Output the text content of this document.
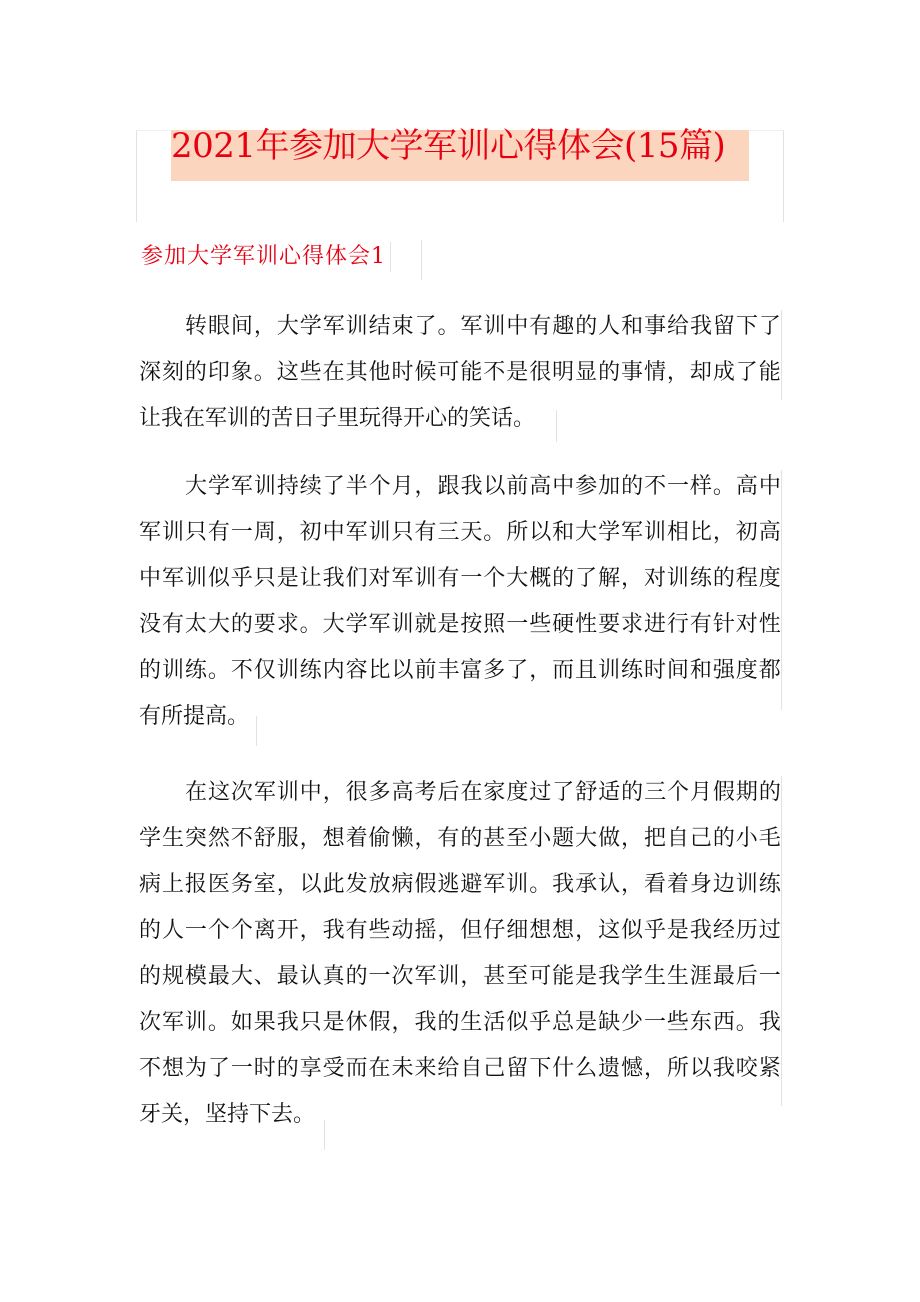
2021年参加大学军训心得体会(15篇)
参加大学军训心得体会1
转 眼 间 ， 大 学 军 训 结 束 了 。 军 训 中 有 趣 的 人 和 事 给 我 留 下 了
深 刻 的 印 象 。 这 些 在 其 他 时 候 可 能 不 是 很 明 显 的 事 情 ， 却 成 了 能
让我在军训的苦日子里玩得开心的笑话。
大 学 军 训 持 续 了 半 个 月 ， 跟 我 以 前 高 中 参 加 的 不 一 样 。 高 中
军 训 只 有 一 周 ， 初 中 军 训 只 有 三 天 。 所 以 和 大 学 军 训 相 比 ， 初 高
中 军 训 似 乎 只 是 让 我 们 对 军 训 有 一 个 大 概 的 了 解 ， 对 训 练 的 程 度
没 有 太 大 的 要 求 。 大 学 军 训 就 是 按 照 一 些 硬 性 要 求 进 行 有 针 对 性
的 训 练 。 不 仅 训 练 内 容 比 以 前 丰 富 多 了 ， 而 且 训 练 时 间 和 强 度 都
有所提高。
在 这 次 军 训 中 ， 很 多 高 考 后 在 家 度 过 了 舒 适 的 三 个 月 假 期 的
学 生 突 然 不 舒 服 ， 想 着 偷 懒 ， 有 的 甚 至 小 题 大 做 ， 把 自 己 的 小 毛
病 上 报 医 务 室 ， 以 此 发 放 病 假 逃 避 军 训 。 我 承 认 ， 看 着 身 边 训 练
的 人 一 个 个 离 开 ， 我 有 些 动 摇 ， 但 仔 细 想 想 ， 这 似 乎 是 我 经 历 过
的 规 模 最 大 、 最 认 真 的 一 次 军 训 ， 甚 至 可 能 是 我 学 生 生 涯 最 后 一
次 军 训 。 如 果 我 只 是 休 假 ， 我 的 生 活 似 乎 总 是 缺 少 一 些 东 西 。 我
不 想 为 了 一 时 的 享 受 而 在 未 来 给 自 己 留 下 什 么 遗 憾 ， 所 以 我 咬 紧
牙关，坚持下去。
